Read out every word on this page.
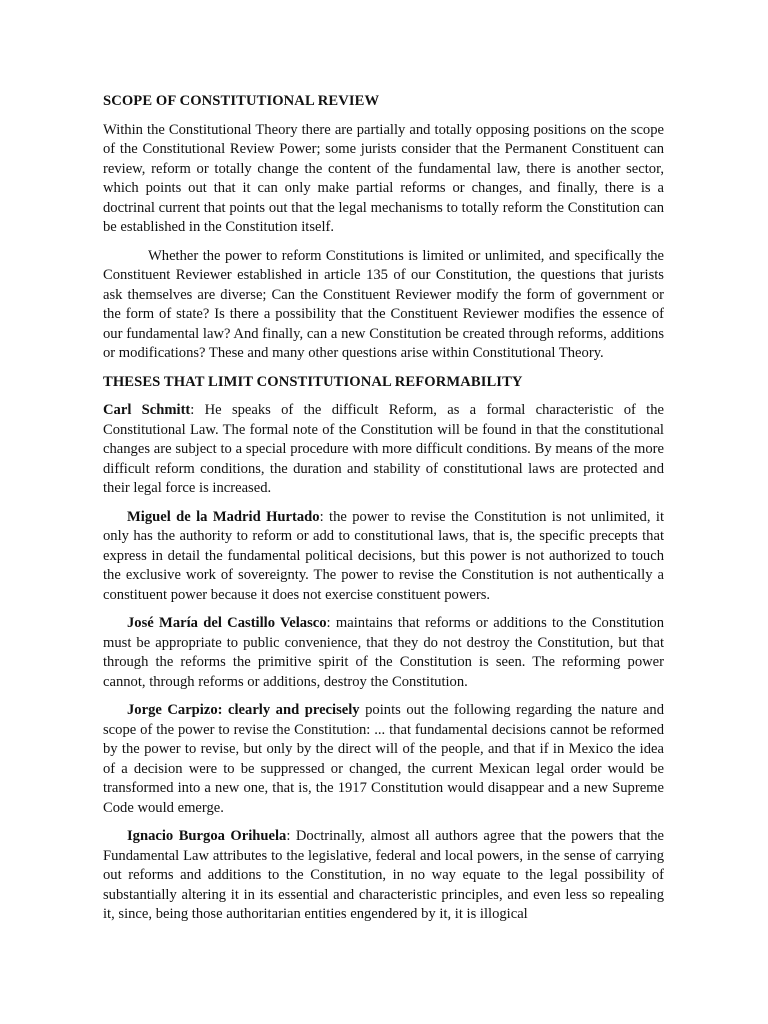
SCOPE OF CONSTITUTIONAL REVIEW

Within the Constitutional Theory there are partially and totally opposing positions on the scope of the Constitutional Review Power; some jurists consider that the Permanent Constituent can review, reform or totally change the content of the fundamental law, there is another sector, which points out that it can only make partial reforms or changes, and finally, there is a doctrinal current that points out that the legal mechanisms to totally reform the Constitution can be established in the Constitution itself.

Whether the power to reform Constitutions is limited or unlimited, and specifically the Constituent Reviewer established in article 135 of our Constitution, the questions that jurists ask themselves are diverse; Can the Constituent Reviewer modify the form of government or the form of state? Is there a possibility that the Constituent Reviewer modifies the essence of our fundamental law? And finally, can a new Constitution be created through reforms, additions or modifications? These and many other questions arise within Constitutional Theory.

THESES THAT LIMIT CONSTITUTIONAL REFORMABILITY

Carl Schmitt: He speaks of the difficult Reform, as a formal characteristic of the Constitutional Law. The formal note of the Constitution will be found in that the constitutional changes are subject to a special procedure with more difficult conditions. By means of the more difficult reform conditions, the duration and stability of constitutional laws are protected and their legal force is increased.

Miguel de la Madrid Hurtado: the power to revise the Constitution is not unlimited, it only has the authority to reform or add to constitutional laws, that is, the specific precepts that express in detail the fundamental political decisions, but this power is not authorized to touch the exclusive work of sovereignty. The power to revise the Constitution is not authentically a constituent power because it does not exercise constituent powers.

José María del Castillo Velasco: maintains that reforms or additions to the Constitution must be appropriate to public convenience, that they do not destroy the Constitution, but that through the reforms the primitive spirit of the Constitution is seen. The reforming power cannot, through reforms or additions, destroy the Constitution.

Jorge Carpizo: clearly and precisely points out the following regarding the nature and scope of the power to revise the Constitution: ... that fundamental decisions cannot be reformed by the power to revise, but only by the direct will of the people, and that if in Mexico the idea of a decision were to be suppressed or changed, the current Mexican legal order would be transformed into a new one, that is, the 1917 Constitution would disappear and a new Supreme Code would emerge.

Ignacio Burgoa Orihuela: Doctrinally, almost all authors agree that the powers that the Fundamental Law attributes to the legislative, federal and local powers, in the sense of carrying out reforms and additions to the Constitution, in no way equate to the legal possibility of substantially altering it in its essential and characteristic principles, and even less so repealing it, since, being those authoritarian entities engendered by it, it is illogical
